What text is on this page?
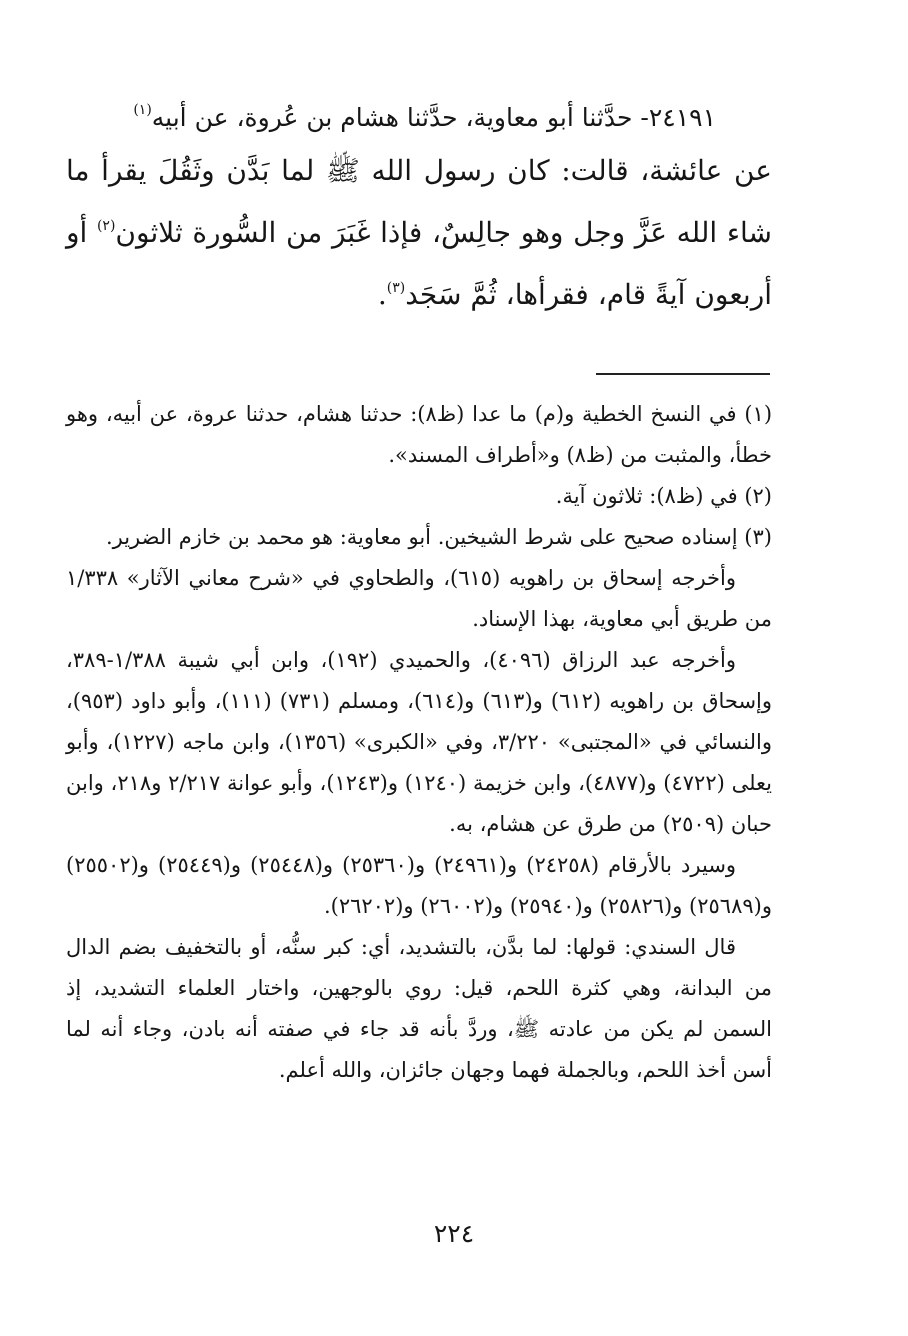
٢٤١٩١- حدَّثنا أبو معاوية، حدَّثنا هشام بن عُروة، عن أبيه$^{(١)}$

عن عائشة، قالت: كان رسول الله ﷺ لما بَدَّن وثَقُلَ يقرأ ما شاء الله عَزَّ وجل وهو جالِسٌ، فإذا غَبَرَ من السُّورة ثلاثون$^{(٢)}$ أو أربعون آيةً قام، فقرأها، ثُمَّ سَجَد$^{(٣)}$.

(١) في النسخ الخطية و(م) ما عدا (ظ٨): حدثنا هشام، حدثنا عروة، عن أبيه، وهو خطأ، والمثبت من (ظ٨) و«أطراف المسند».

(٢) في (ظ٨): ثلاثون آية.

(٣) إسناده صحيح على شرط الشيخين. أبو معاوية: هو محمد بن خازم الضرير.

وأخرجه إسحاق بن راهويه (٦١٥)، والطحاوي في «شرح معاني الآثار» ١/٣٣٨ من طريق أبي معاوية، بهذا الإسناد.

وأخرجه عبد الرزاق (٤٠٩٦)، والحميدي (١٩٢)، وابن أبي شيبة ١/٣٨٨-٣٨٩، وإسحاق بن راهويه (٦١٢) و(٦١٣) و(٦١٤)، ومسلم (٧٣١) (١١١)، وأبو داود (٩٥٣)، والنسائي في «المجتبى» ٣/٢٢٠، وفي «الكبرى» (١٣٥٦)، وابن ماجه (١٢٢٧)، وأبو يعلى (٤٧٢٢) و(٤٨٧٧)، وابن خزيمة (١٢٤٠) و(١٢٤٣)، وأبو عوانة ٢/٢١٧ و٢١٨، وابن حبان (٢٥٠٩) من طرق عن هشام، به.

وسيرد بالأرقام (٢٤٢٥٨) و(٢٤٩٦١) و(٢٥٣٦٠) و(٢٥٤٤٨) و(٢٥٤٤٩) و(٢٥٥٠٢) و(٢٥٦٨٩) و(٢٥٨٢٦) و(٢٥٩٤٠) و(٢٦٠٠٢) و(٢٦٢٠٢).

قال السندي: قولها: لما بدَّن، بالتشديد، أي: كبر سنُّه، أو بالتخفيف بضم الدال من البدانة، وهي كثرة اللحم، قيل: روي بالوجهين، واختار العلماء التشديد، إذ السمن لم يكن من عادته ﷺ، وردَّ بأنه قد جاء في صفته أنه بادن، وجاء أنه لما أسن أخذ اللحم، وبالجملة فهما وجهان جائزان، والله أعلم.

٢٢٤
